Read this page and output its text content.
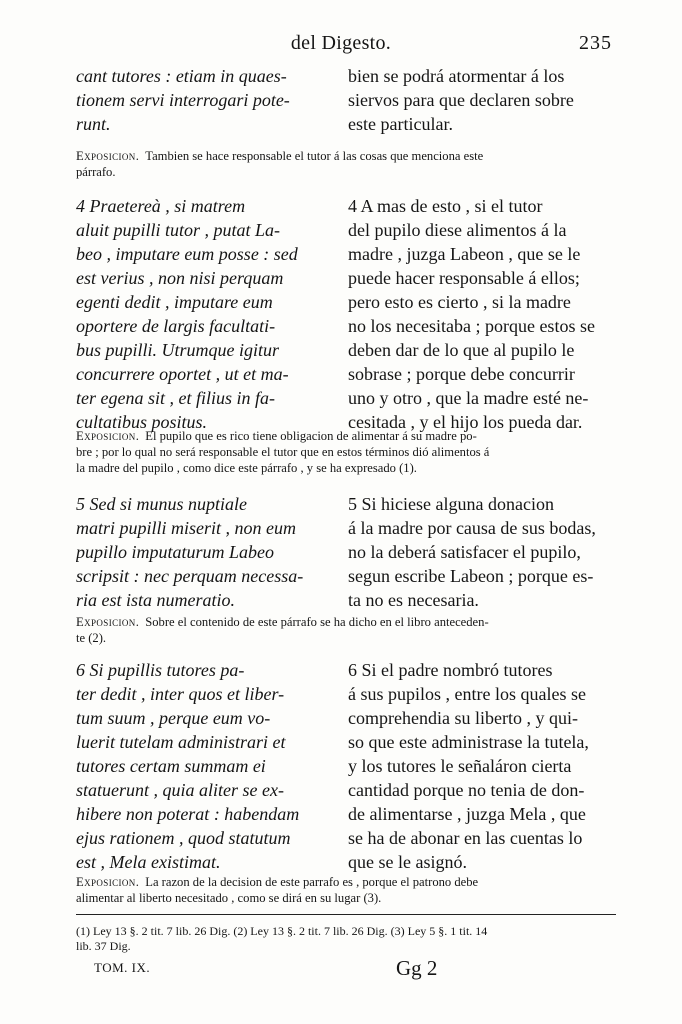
del Digesto.	235
cant tutores : etiam in quaes-
tionem servi interrogari pote-
runt.
bien se podrá atormentar á los
siervos para que declaren sobre
este particular.
Exposicion. Tambien se hace responsable el tutor á las cosas que menciona este
párrafo.
4 Praetereà , si matrem
aluit pupilli tutor , putat La-
beo , imputare eum posse : sed
est verius , non nisi perquam
egenti dedit , imputare eum
oportere de largis facultati-
bus pupilli. Utrumque igitur
concurrere oportet , ut et ma-
ter egena sit , et filius in fa-
cultatibus positus.
4 A mas de esto , si el tutor
del pupilo diese alimentos á la
madre , juzga Labeon , que se le
puede hacer responsable á ellos;
pero esto es cierto , si la madre
no los necesitaba ; porque estos se
deben dar de lo que al pupilo le
sobrase ; porque debe concurrir
uno y otro , que la madre esté ne-
cesitada , y el hijo los pueda dar.
Exposicion. El pupilo que es rico tiene obligacion de alimentar á su madre po-
bre ; por lo qual no será responsable el tutor que en estos términos dió alimentos á
la madre del pupilo , como dice este párrafo , y se ha expresado (1).
5 Sed si munus nuptiale
matri pupilli miserit , non eum
pupillo imputaturum Labeo
scripsit : nec perquam necessa-
ria est ista numeratio.
5 Si hiciese alguna donacion
á la madre por causa de sus bodas,
no la deberá satisfacer el pupilo,
segun escribe Labeon ; porque es-
ta no es necesaria.
Exposicion. Sobre el contenido de este párrafo se ha dicho en el libro anteceden-
te (2).
6 Si pupillis tutores pa-
ter dedit , inter quos et liber-
tum suum , perque eum vo-
luerit tutelam administrari et
tutores certam summam ei
statuerunt , quia aliter se ex-
hibere non poterat : habendam
ejus rationem , quod statutum
est , Mela existimat.
6 Si el padre nombró tutores
á sus pupilos , entre los quales se
comprehendia su liberto , y qui-
so que este administrase la tutela,
y los tutores le señaláron cierta
cantidad porque no tenia de don-
de alimentarse , juzga Mela , que
se ha de abonar en las cuentas lo
que se le asignó.
Exposicion. La razon de la decision de este parrafo es , porque el patrono debe
alimentar al liberto necesitado , como se dirá en su lugar (3).
(1) Ley 13 §. 2 tit. 7 lib. 26 Dig. (2) Ley 13 §. 2 tit. 7 lib. 26 Dig. (3) Ley 5 §. 1 tit. 14
lib. 37 Dig.
TOM. IX.	Gg 2
